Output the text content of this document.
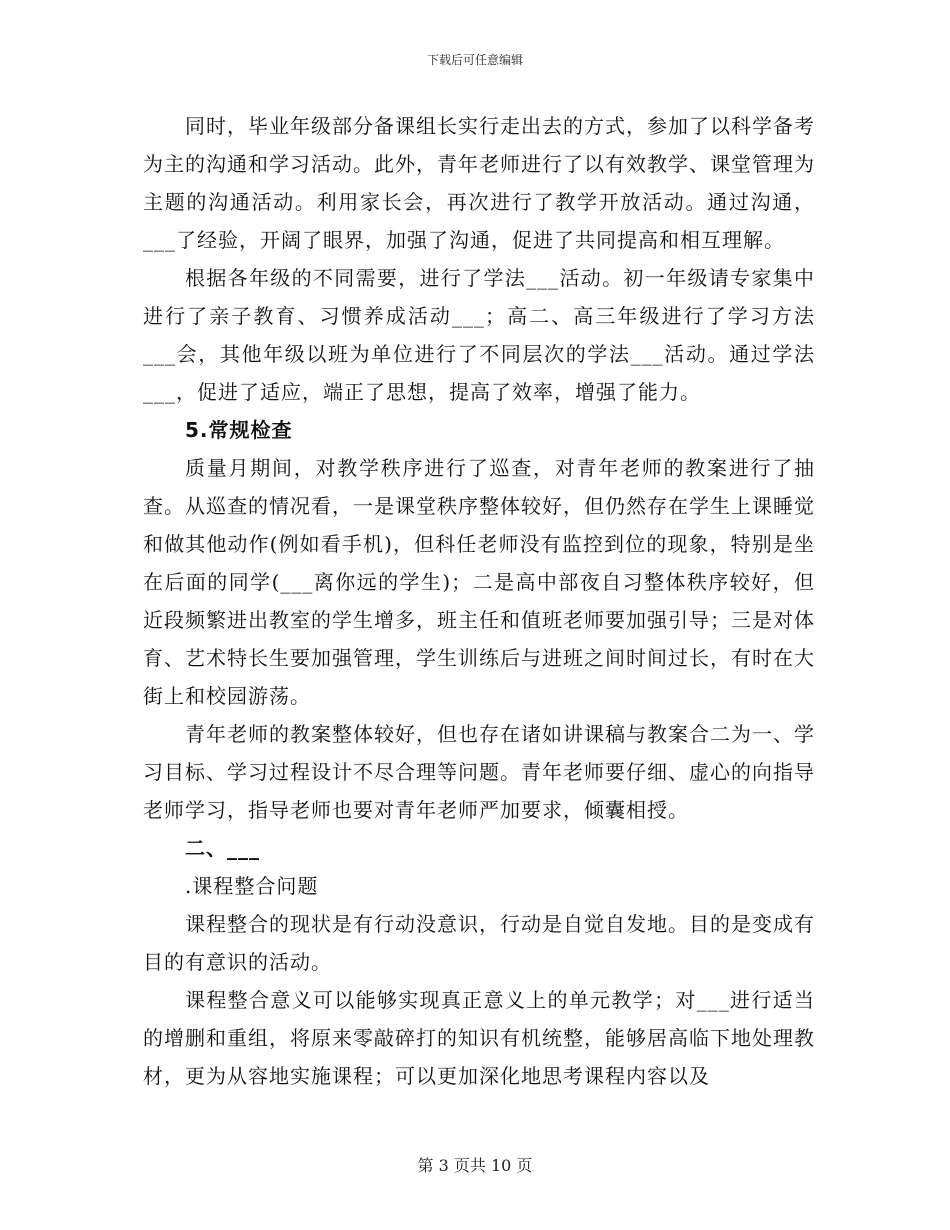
下载后可任意编辑

同时，毕业年级部分备课组长实行走出去的方式，参加了以科学备考为主的沟通和学习活动。此外，青年老师进行了以有效教学、课堂管理为主题的沟通活动。利用家长会，再次进行了教学开放活动。通过沟通，___了经验，开阔了眼界，加强了沟通，促进了共同提高和相互理解。

根据各年级的不同需要，进行了学法___活动。初一年级请专家集中进行了亲子教育、习惯养成活动___；高二、高三年级进行了学习方法___会，其他年级以班为单位进行了不同层次的学法___活动。通过学法___，促进了适应，端正了思想，提高了效率，增强了能力。

5.常规检查

质量月期间，对教学秩序进行了巡查，对青年老师的教案进行了抽查。从巡查的情况看，一是课堂秩序整体较好，但仍然存在学生上课睡觉和做其他动作(例如看手机)，但科任老师没有监控到位的现象，特别是坐在后面的同学(___离你远的学生)；二是高中部夜自习整体秩序较好，但近段频繁进出教室的学生增多，班主任和值班老师要加强引导；三是对体育、艺术特长生要加强管理，学生训练后与进班之间时间过长，有时在大街上和校园游荡。

青年老师的教案整体较好，但也存在诸如讲课稿与教案合二为一、学习目标、学习过程设计不尽合理等问题。青年老师要仔细、虚心的向指导老师学习，指导老师也要对青年老师严加要求，倾囊相授。

二、___

.课程整合问题

课程整合的现状是有行动没意识，行动是自觉自发地。目的是变成有目的有意识的活动。

课程整合意义可以能够实现真正意义上的单元教学；对___进行适当的增删和重组，将原来零敲碎打的知识有机统整，能够居高临下地处理教材，更为从容地实施课程；可以更加深化地思考课程内容以及

第 3 页共 10 页
